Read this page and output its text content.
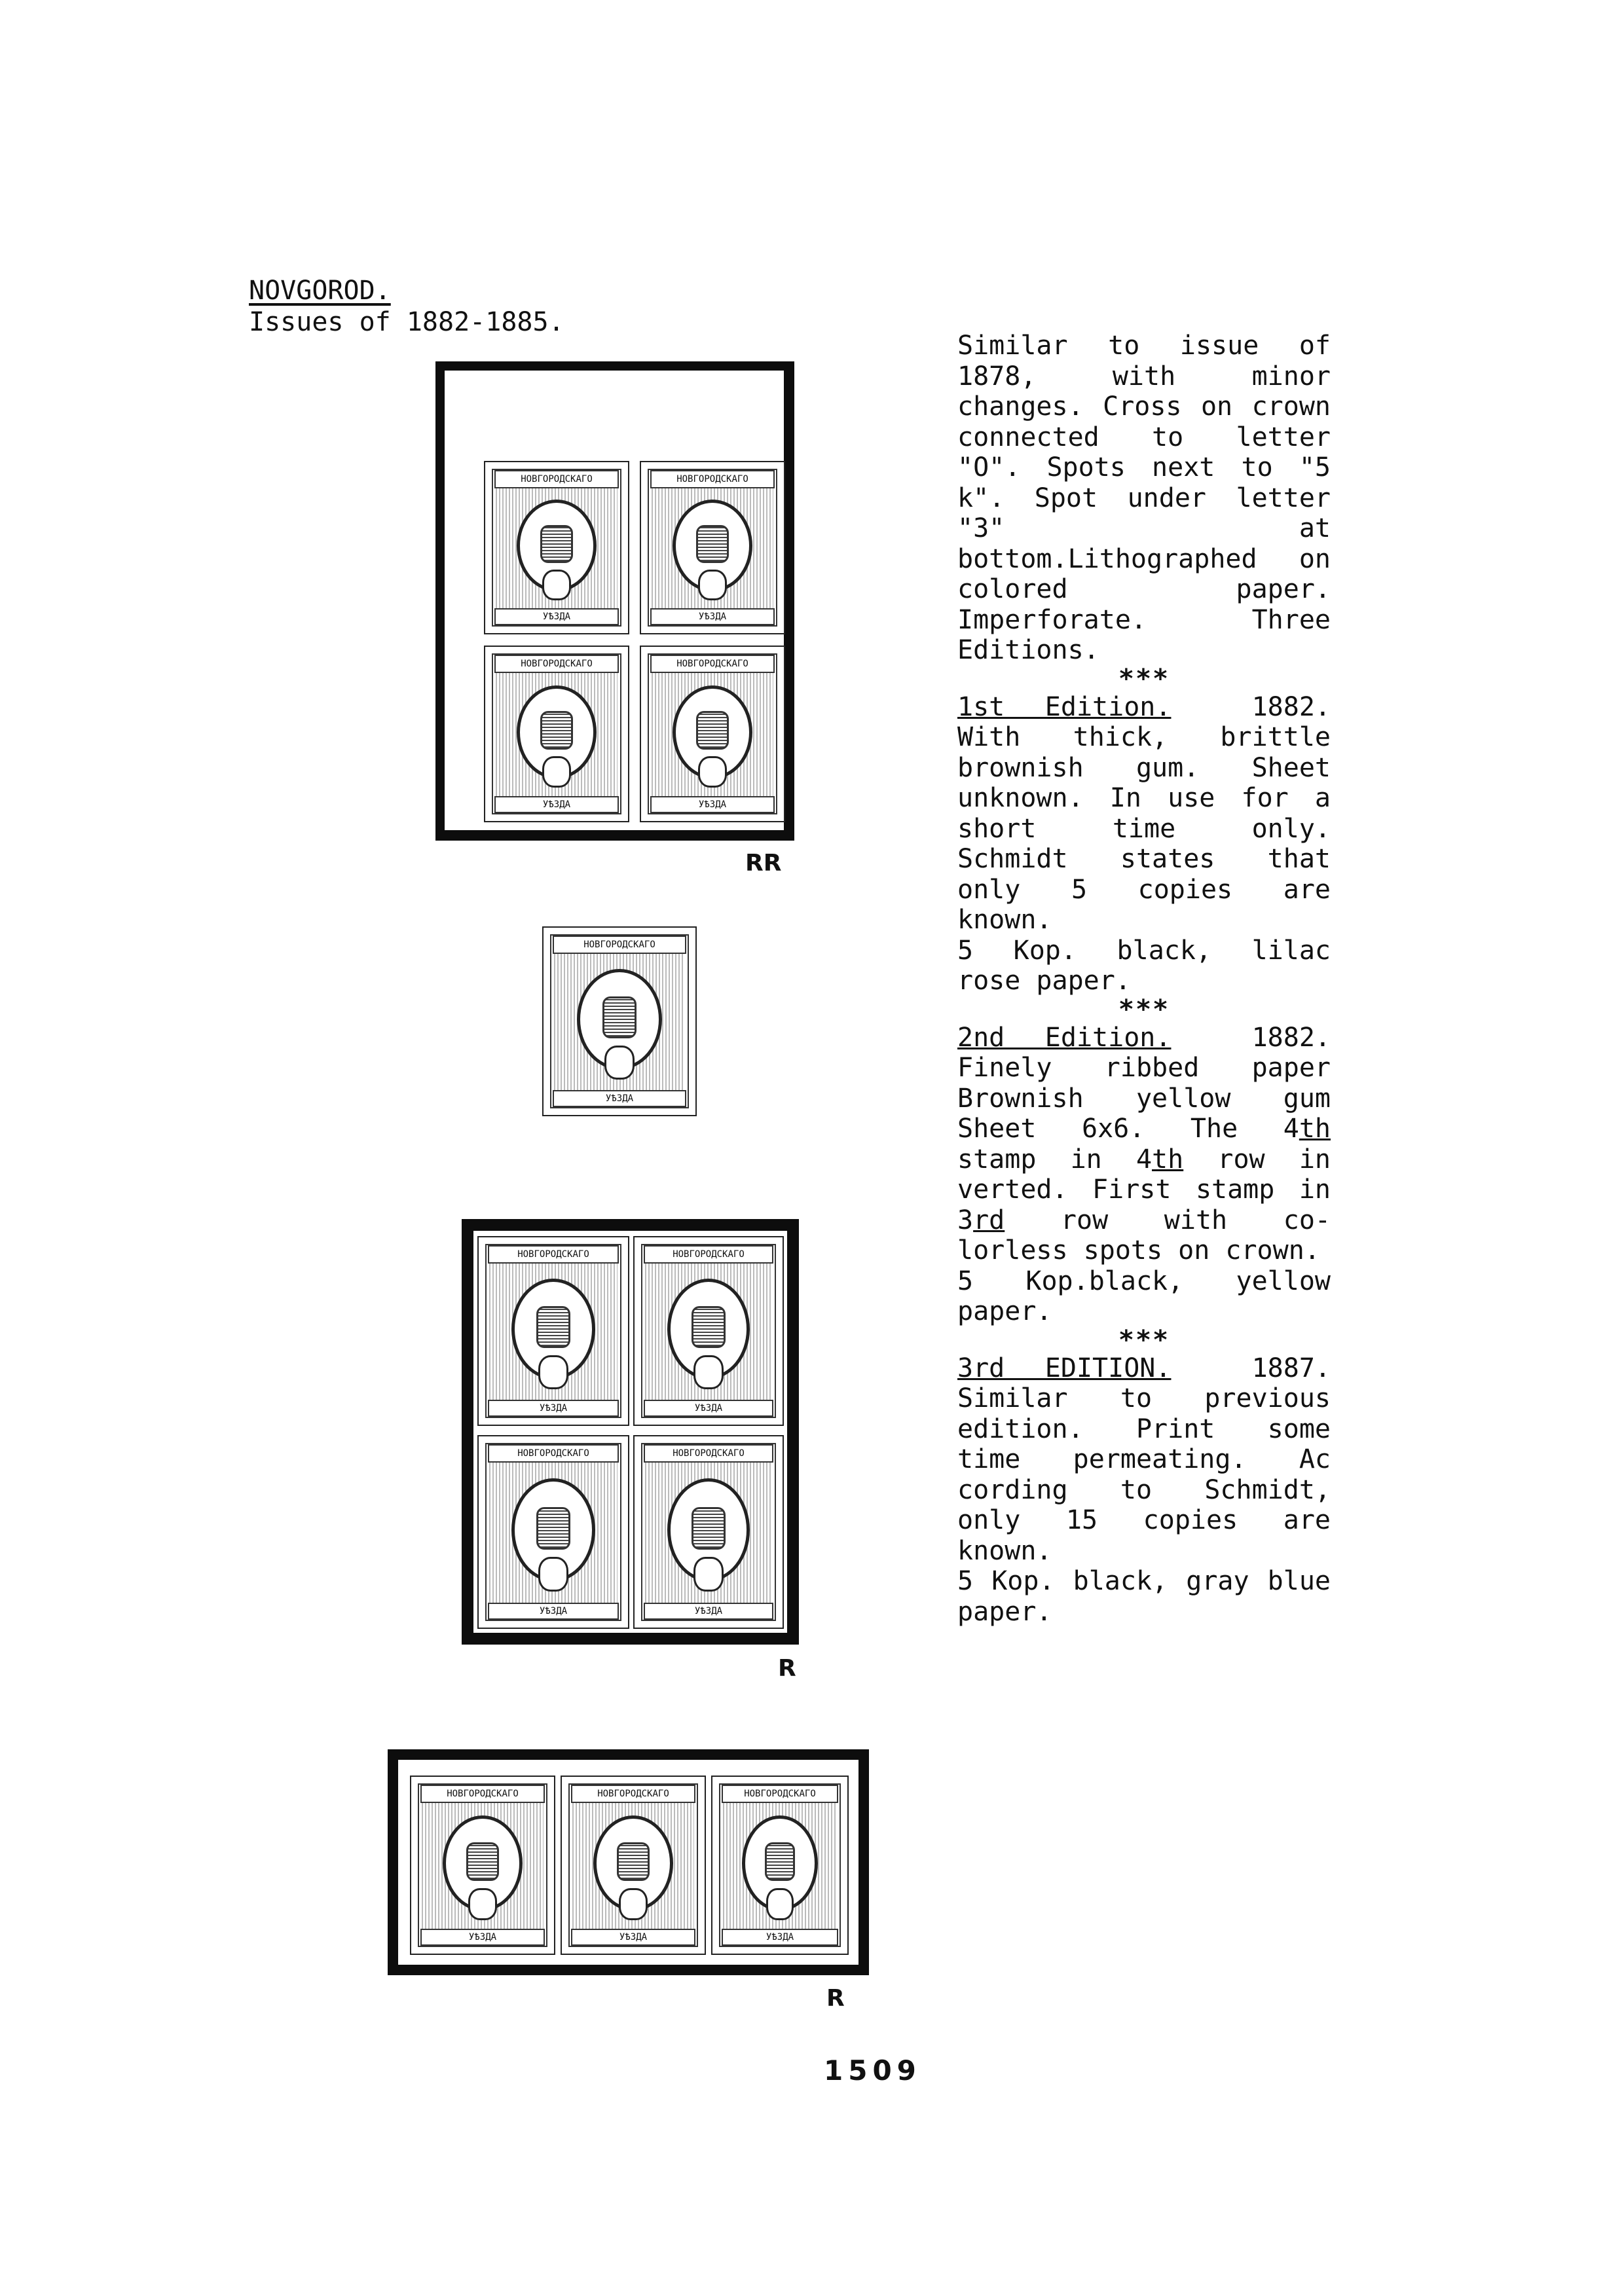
NOVGOROD.
Issues of 1882-1885.

Similar to issue of 1878, with minor changes. Cross on crown connected to letter "O". Spots next to "5 k". Spot under letter "3" at bottom.Lithographed on colored paper. Imperforate. Three Editions.

***

1st Edition.	1882. With thick, brittle brownish gum. Sheet unknown. In use for a short time only. Schmidt states that only 5 copies are known.

5 Kop. black, lilac rose paper.

***

2nd Edition.	1882. Finely ribbed paper Brownish yellow gum Sheet 6x6. The 4th stamp in 4th row in verted. First stamp in 3rd row with co- lorless spots on crown.

5 Kop.black, yellow paper.

***

3rd EDITION.	1887. Similar to previous edition. Print some time permeating. Ac cording to Schmidt, only 15 copies are known.

5 Kop. black, gray blue paper.

НОВГОРОДСКАГО
УѢЗДА
НОВГОРОДСКАГО
УѢЗДА
НОВГОРОДСКАГО
УѢЗДА
НОВГОРОДСКАГО
УѢЗДА
RR
НОВГОРОДСКАГО
УѢЗДА
НОВГОРОДСКАГО
УѢЗДА
НОВГОРОДСКАГО
УѢЗДА
НОВГОРОДСКАГО
УѢЗДА
НОВГОРОДСКАГО
УѢЗДА
R
НОВГОРОДСКАГО
УѢЗДА
НОВГОРОДСКАГО
УѢЗДА
НОВГОРОДСКАГО
УѢЗДА
R
1509
